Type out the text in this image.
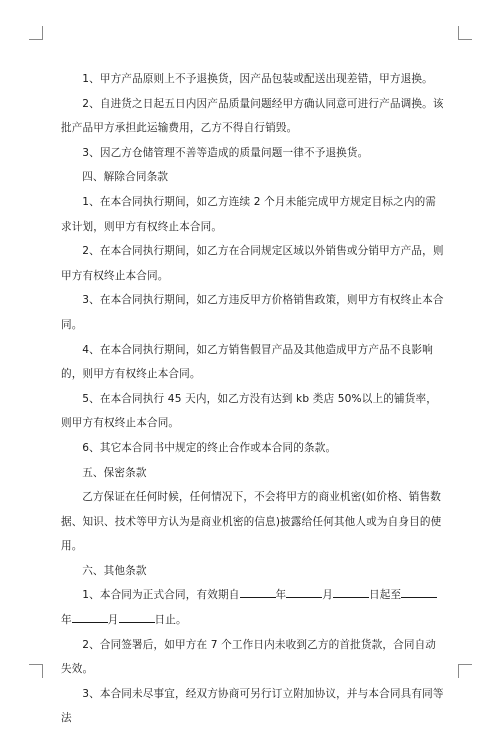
1、甲方产品原则上不予退换货，因产品包装或配送出现差错，甲方退换。

2、自进货之日起五日内因产品质量问题经甲方确认同意可进行产品调换。该批产品甲方承担此运输费用，乙方不得自行销毁。

3、因乙方仓储管理不善等造成的质量问题一律不予退换货。

四、解除合同条款

1、在本合同执行期间，如乙方连续 2 个月未能完成甲方规定目标之内的需求计划，则甲方有权终止本合同。

2、在本合同执行期间，如乙方在合同规定区域以外销售或分销甲方产品，则甲方有权终止本合同。

3、在本合同执行期间，如乙方违反甲方价格销售政策，则甲方有权终止本合同。

4、在本合同执行期间，如乙方销售假冒产品及其他造成甲方产品不良影响的，则甲方有权终止本合同。

5、在本合同执行 45 天内，如乙方没有达到 kb 类店 50%以上的铺货率，则甲方有权终止本合同。

6、其它本合同书中规定的终止合作或本合同的条款。

五、保密条款

乙方保证在任何时候，任何情况下，不会将甲方的商业机密(如价格、销售数据、知识、技术等甲方认为是商业机密的信息)披露给任何其他人或为自身目的使用。

六、其他条款

1、本合同为正式合同，有效期自	年	月	日起至年	月	日止。

2、合同签署后，如甲方在 7 个工作日内未收到乙方的首批货款，合同自动失效。

3、本合同未尽事宜，经双方协商可另行订立附加协议，并与本合同具有同等法
